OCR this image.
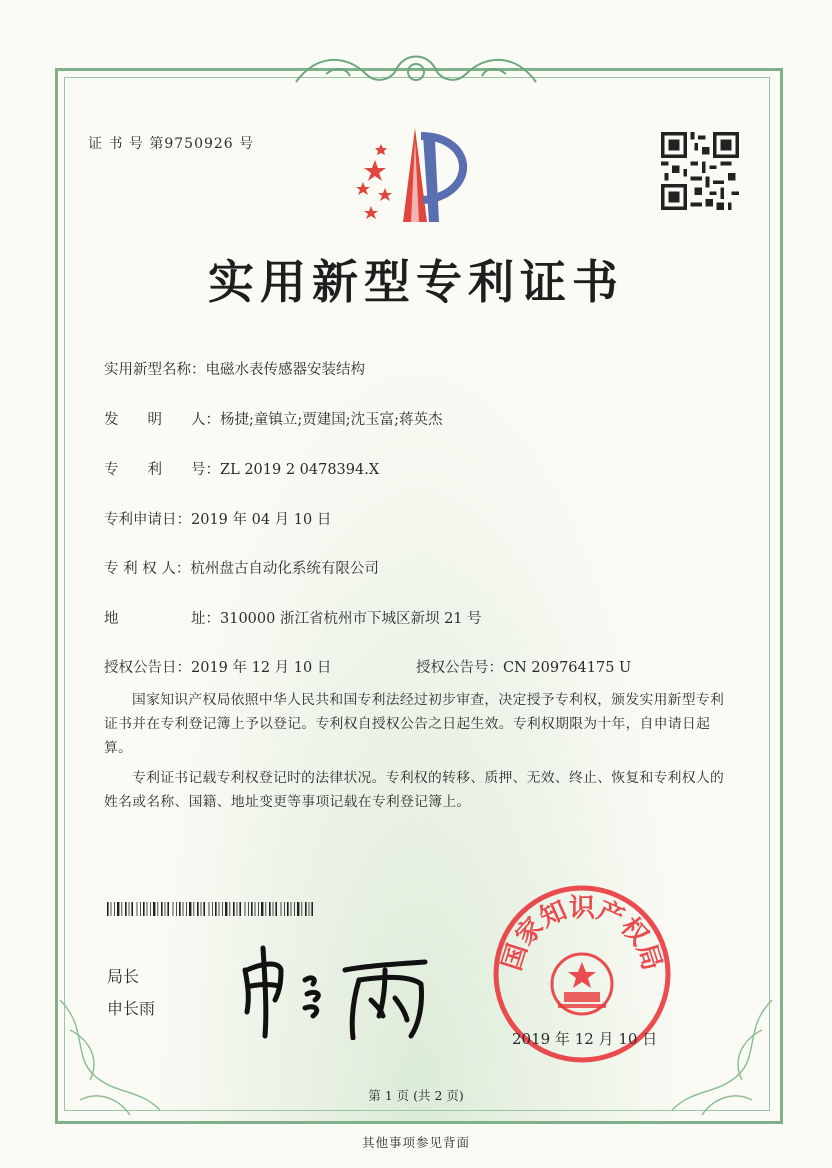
证 书 号 第9750926 号
实用新型专利证书
实用新型名称：电磁水表传感器安装结构
发　　明　　人：杨捷;童镇立;贾建国;沈玉富;蒋英杰
专　　利　　号：ZL 2019 2 0478394.X
专利申请日：2019 年 04 月 10 日
专 利 权 人：杭州盘古自动化系统有限公司
地　　　　　址：310000 浙江省杭州市下城区新坝 21 号
授权公告日：2019 年 12 月 10 日	授权公告号：CN 209764175 U
国家知识产权局依照中华人民共和国专利法经过初步审查，决定授予专利权，颁发实用新型专利证书并在专利登记簿上予以登记。专利权自授权公告之日起生效。专利权期限为十年，自申请日起算。
专利证书记载专利权登记时的法律状况。专利权的转移、质押、无效、终止、恢复和专利权人的姓名或名称、国籍、地址变更等事项记载在专利登记簿上。
局长
申长雨
国家知识产权局
2019 年 12 月 10 日
第 1 页 (共 2 页)
其他事项参见背面
